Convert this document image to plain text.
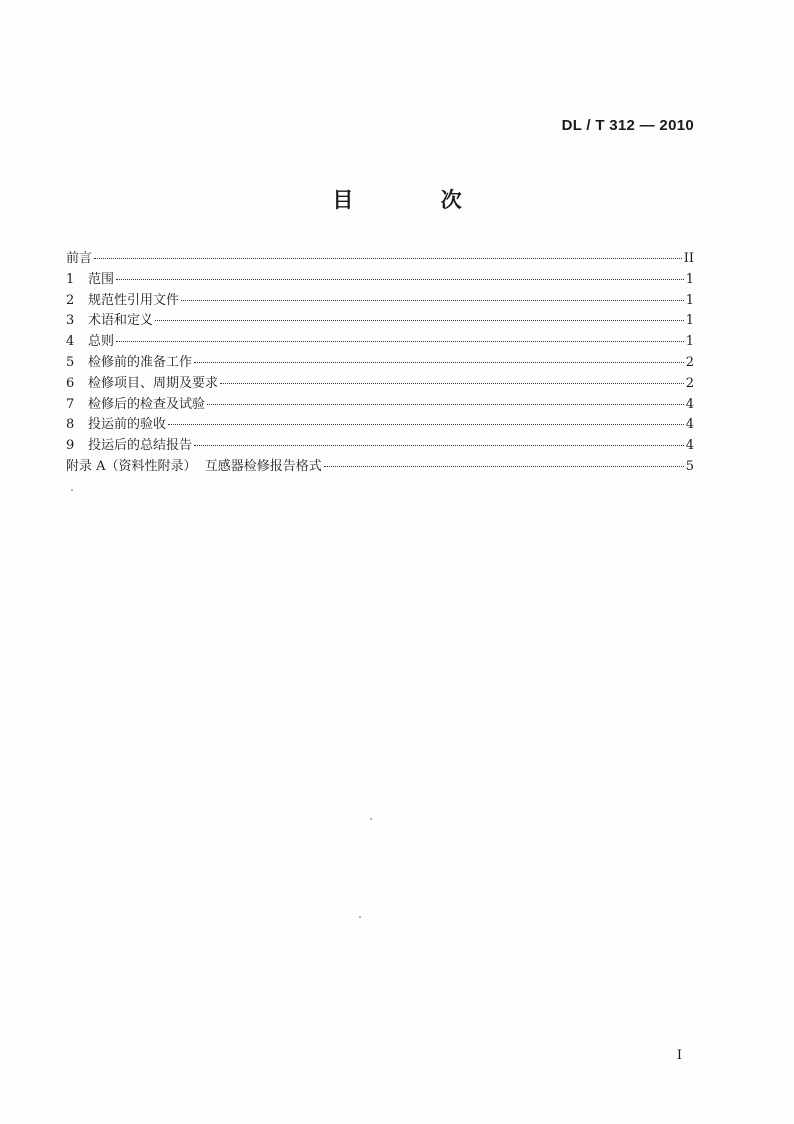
DL / T 312 — 2010
目 次
前言	II
1	范围	1
2	规范性引用文件	1
3	术语和定义	1
4	总则	1
5	检修前的准备工作	2
6	检修项目、周期及要求	2
7	检修后的检查及试验	4
8	投运前的验收	4
9	投运后的总结报告	4
附录 A（资料性附录）  互感器检修报告格式	5
I
